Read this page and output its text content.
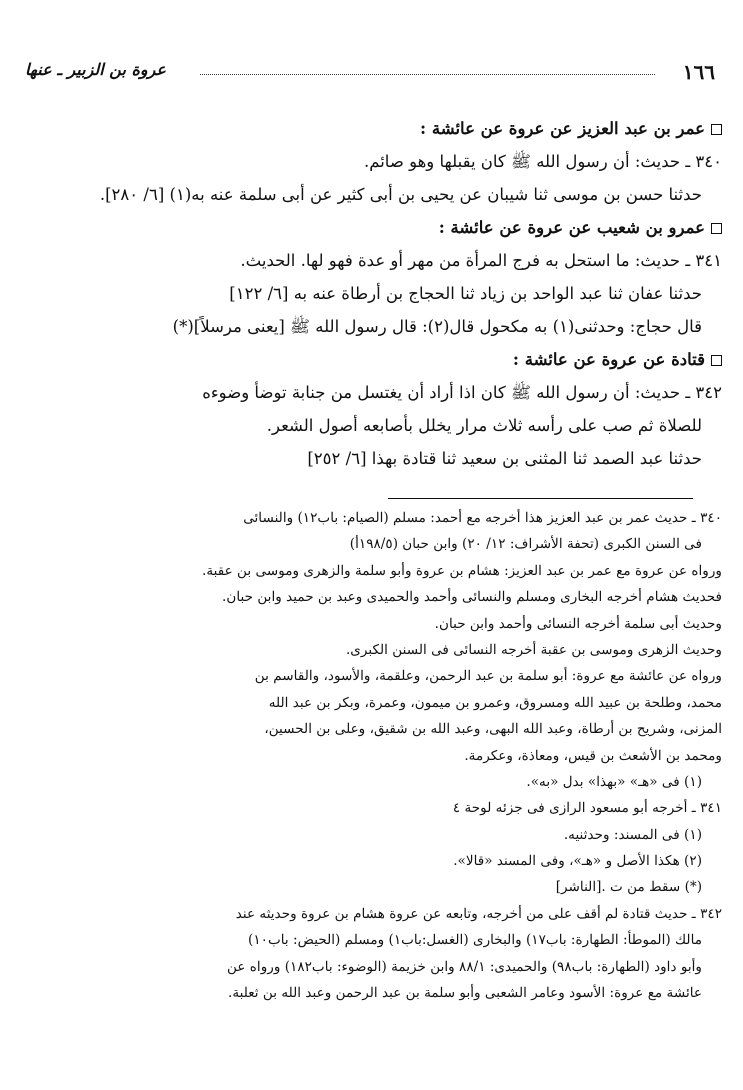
١٦٦
عروة بن الزبير ـ عنها
عمر بن عبد العزيز عن عروة عن عائشة :
٣٤٠ ـ حديث: أن رسول الله ﷺ كان يقبلها وهو صائم.
حدثنا حسن بن موسى ثنا شيبان عن يحيى بن أبى كثير عن أبى سلمة عنه به(١) [٦/ ٢٨٠].
عمرو بن شعيب عن عروة عن عائشة :
٣٤١ ـ حديث: ما استحل به فرج المرأة من مهر أو عدة فهو لها. الحديث.
حدثنا عفان ثنا عبد الواحد بن زياد ثنا الحجاج بن أرطاة عنه به [٦/ ١٢٢]
قال حجاج: وحدثنى(١) به مكحول قال(٢): قال رسول الله ﷺ [يعنى مرسلاً](*)
قتادة عن عروة عن عائشة :
٣٤٢ ـ حديث: أن رسول الله ﷺ كان اذا أراد أن يغتسل من جنابة توضأ وضوءه
للصلاة ثم صب على رأسه ثلاث مرار يخلل بأصابعه أصول الشعر.
حدثنا عبد الصمد ثنا المثنى بن سعيد ثنا قتادة بهذا [٦/ ٢٥٢]
٣٤٠ ـ حديث عمر بن عبد العزيز هذا أخرجه مع أحمد: مسلم (الصيام: باب١٢) والنسائى
فى السنن الكبرى (تحفة الأشراف: ١٢/ ٢٠) وابن حبان (١٩٨/٥أ)
ورواه عن عروة مع عمر بن عبد العزيز: هشام بن عروة وأبو سلمة والزهرى وموسى بن عقبة.
فحديث هشام أخرجه البخارى ومسلم والنسائى وأحمد والحميدى وعبد بن حميد وابن حبان.
وحديث أبى سلمة أخرجه النسائى وأحمد وابن حبان.
وحديث الزهرى وموسى بن عقبة أخرجه النسائى فى السنن الكبرى.
ورواه عن عائشة مع عروة: أبو سلمة بن عبد الرحمن، وعلقمة، والأسود، والقاسم بن
محمد، وطلحة بن عبيد الله ومسروق، وعمرو بن ميمون، وعمرة، وبكر بن عبد الله
المزنى، وشريح بن أرطاة، وعبد الله البهى، وعبد الله بن شقيق، وعلى بن الحسين،
ومحمد بن الأشعث بن قيس، ومعاذة، وعكرمة.
(١) فى «هـ» «بهذا» بدل «به».
٣٤١ ـ أخرجه أبو مسعود الرازى فى جزئه لوحة ٤
(١) فى المسند: وحدثنيه.
(٢) هكذا الأصل و «هـ»، وفى المسند «قالا».
(*) سقط من ت .[الناشر]
٣٤٢ ـ حديث قتادة لم أقف على من أخرجه، وتابعه عن عروة هشام بن عروة وحديثه عند
مالك (الموطأ: الطهارة: باب١٧) والبخارى (الغسل:باب١) ومسلم (الحيض: باب١٠)
وأبو داود (الطهارة: باب٩٨) والحميدى: ٨٨/١ وابن خزيمة (الوضوء: باب١٨٢) ورواه عن
عائشة مع عروة: الأسود وعامر الشعبى وأبو سلمة بن عبد الرحمن وعبد الله بن ثعلبة.
